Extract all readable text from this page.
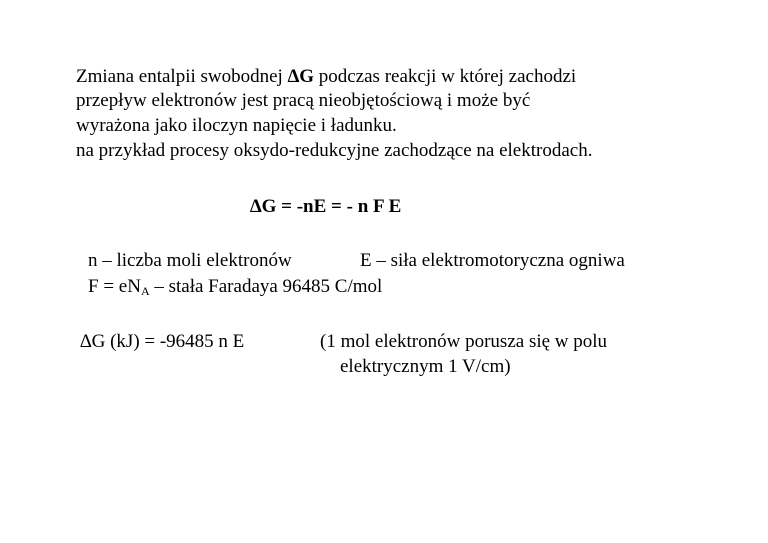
Zmiana entalpii swobodnej ∆G podczas reakcji w której zachodzi
przepływ elektronów jest pracą nieobjętościową i może być
wyrażona jako iloczyn napięcie i ładunku.
na przykład procesy oksydo-redukcyjne zachodzące na elektrodach.
∆G = -nE = - n F E
n – liczba moli elektronów	E – siła elektromotoryczna ogniwa
$F = eN_A$ – stała Faradaya 96485 C/mol
∆G (kJ) = -96485 n E	(1 mol elektronów porusza się w polu
elektrycznym 1 V/cm)
